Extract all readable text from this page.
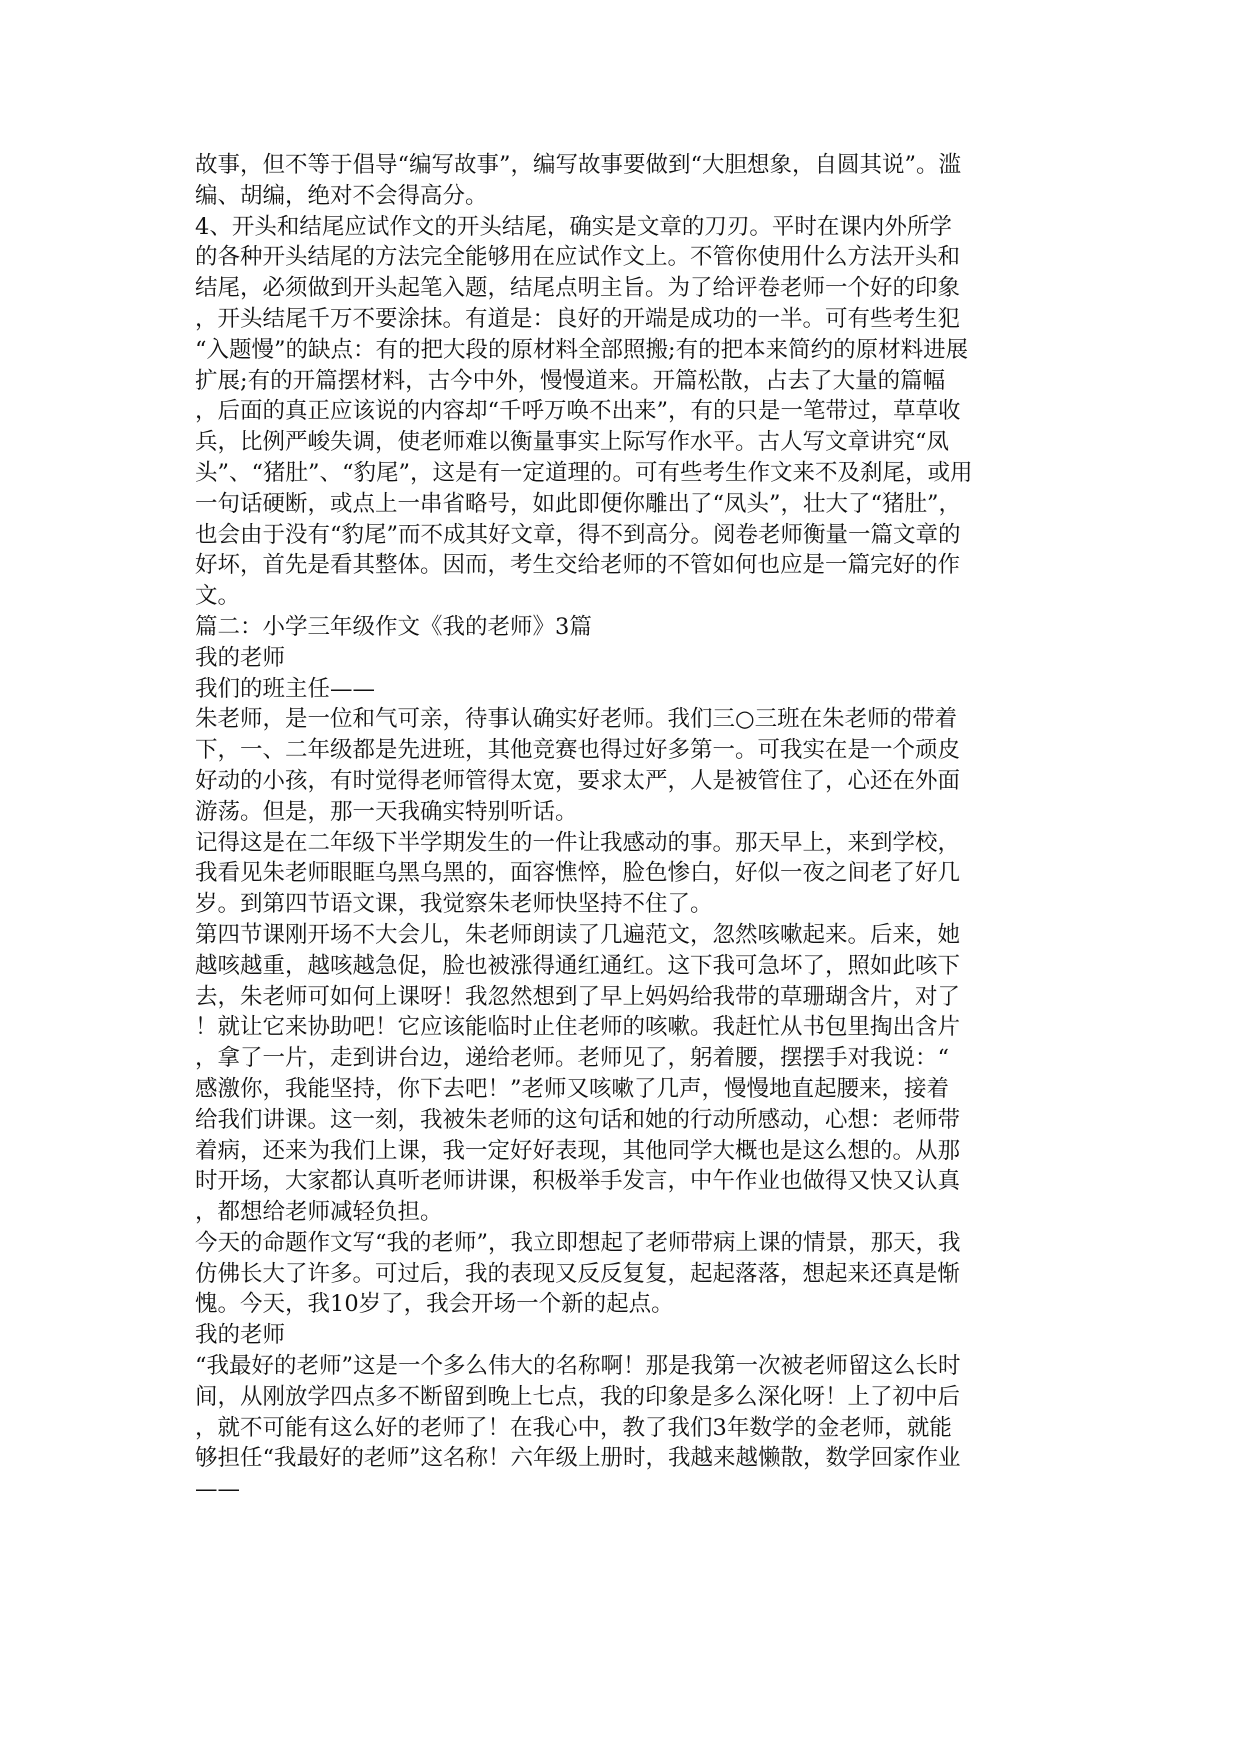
故事，但不等于倡导“编写故事”，编写故事要做到“大胆想象，自圆其说”。滥

编、胡编，绝对不会得高分。

4、开头和结尾应试作文的开头结尾，确实是文章的刀刃。平时在课内外所学

的各种开头结尾的方法完全能够用在应试作文上。不管你使用什么方法开头和

结尾，必须做到开头起笔入题，结尾点明主旨。为了给评卷老师一个好的印象

，开头结尾千万不要涂抹。有道是：良好的开端是成功的一半。可有些考生犯

“入题慢”的缺点：有的把大段的原材料全部照搬;有的把本来简约的原材料进展

扩展;有的开篇摆材料，古今中外，慢慢道来。开篇松散，占去了大量的篇幅

，后面的真正应该说的内容却“千呼万唤不出来”，有的只是一笔带过，草草收

兵，比例严峻失调，使老师难以衡量事实上际写作水平。古人写文章讲究“凤

头”、“猪肚”、“豹尾”，这是有一定道理的。可有些考生作文来不及刹尾，或用

一句话硬断，或点上一串省略号，如此即便你雕出了“凤头”，壮大了“猪肚”，

也会由于没有“豹尾”而不成其好文章，得不到高分。阅卷老师衡量一篇文章的

好坏，首先是看其整体。因而，考生交给老师的不管如何也应是一篇完好的作

文。

篇二：小学三年级作文《我的老师》3篇

我的老师

我们的班主任——

朱老师，是一位和气可亲，待事认确实好老师。我们三○三班在朱老师的带着

下，一、二年级都是先进班，其他竞赛也得过好多第一。可我实在是一个顽皮

好动的小孩，有时觉得老师管得太宽，要求太严，人是被管住了，心还在外面

游荡。但是，那一天我确实特别听话。

记得这是在二年级下半学期发生的一件让我感动的事。那天早上，来到学校，

我看见朱老师眼眶乌黑乌黑的，面容憔悴，脸色惨白，好似一夜之间老了好几

岁。到第四节语文课，我觉察朱老师快坚持不住了。

第四节课刚开场不大会儿，朱老师朗读了几遍范文，忽然咳嗽起来。后来，她

越咳越重，越咳越急促，脸也被涨得通红通红。这下我可急坏了，照如此咳下

去，朱老师可如何上课呀！我忽然想到了早上妈妈给我带的草珊瑚含片，对了

！就让它来协助吧！它应该能临时止住老师的咳嗽。我赶忙从书包里掏出含片

，拿了一片，走到讲台边，递给老师。老师见了，躬着腰，摆摆手对我说：“

感激你，我能坚持，你下去吧！”老师又咳嗽了几声，慢慢地直起腰来，接着

给我们讲课。这一刻，我被朱老师的这句话和她的行动所感动，心想：老师带

着病，还来为我们上课，我一定好好表现，其他同学大概也是这么想的。从那

时开场，大家都认真听老师讲课，积极举手发言，中午作业也做得又快又认真

，都想给老师减轻负担。

今天的命题作文写“我的老师”，我立即想起了老师带病上课的情景，那天，我

仿佛长大了许多。可过后，我的表现又反反复复，起起落落，想起来还真是惭

愧。今天，我10岁了，我会开场一个新的起点。

我的老师

“我最好的老师”这是一个多么伟大的名称啊！那是我第一次被老师留这么长时

间，从刚放学四点多不断留到晚上七点，我的印象是多么深化呀！上了初中后

，就不可能有这么好的老师了！在我心中，教了我们3年数学的金老师，就能

够担任“我最好的老师”这名称！六年级上册时，我越来越懒散，数学回家作业

——
